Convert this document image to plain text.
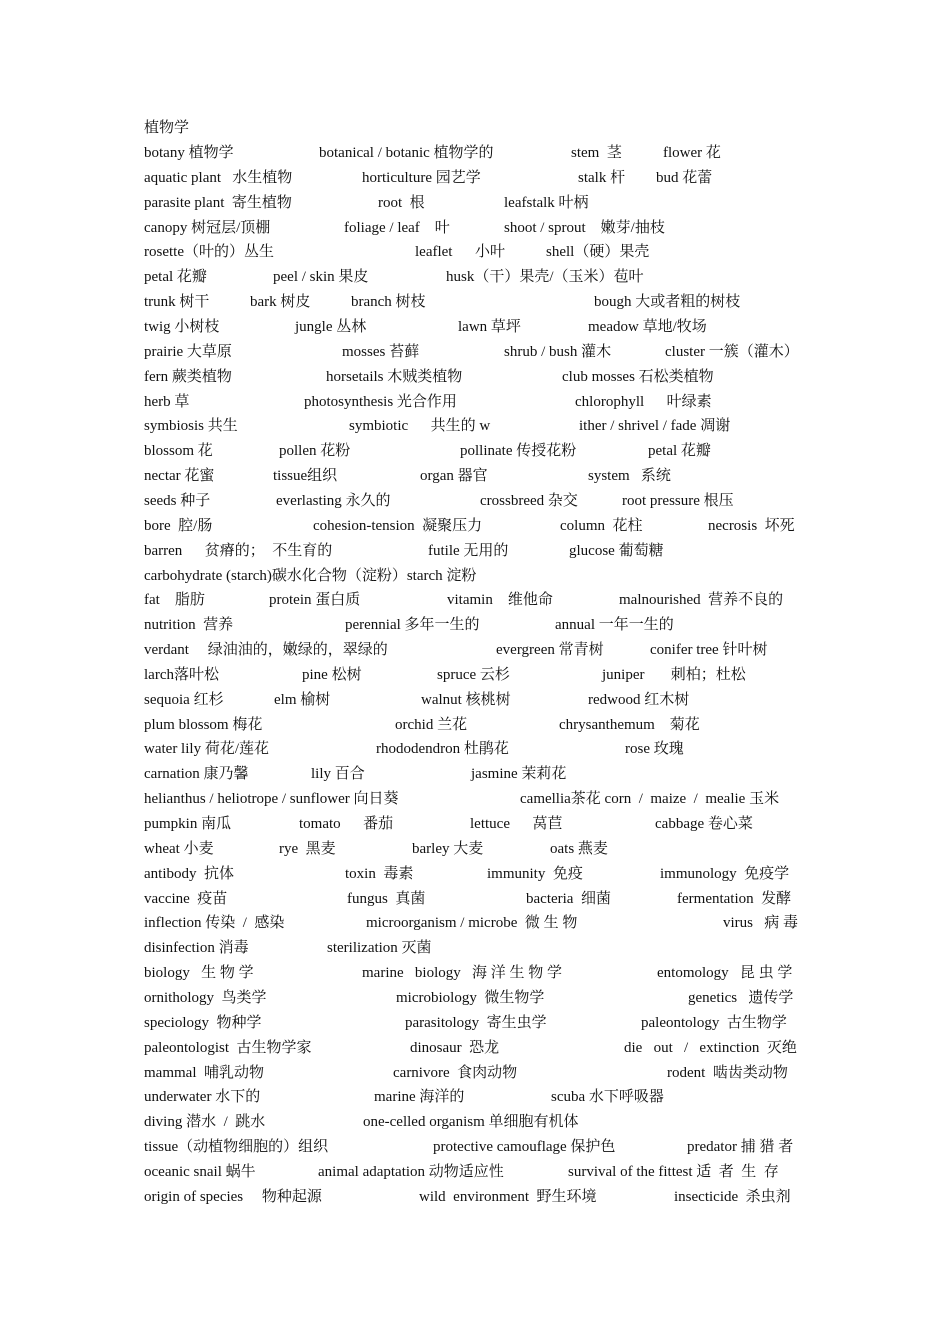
植物学
botany 植物学	botanical / botanic 植物学的	stem  茎	flower 花
aquatic plant   水生植物	horticulture 园艺学	stalk 杆 bud 花蕾
parasite plant  寄生植物	root  根	leafstalk 叶柄
canopy 树冠层/顶棚	foliage / leaf    叶	shoot / sprout    嫩芽/抽枝
rosette（叶的）丛生	leaflet      小叶	shell（硬）果壳
petal 花瓣	peel / skin 果皮	husk（干）果壳/（玉米）苞叶
trunk 树干	bark 树皮	branch 树枝	bough 大或者粗的树枝
twig 小树枝	jungle 丛林	lawn 草坪	meadow 草地/牧场
prairie 大草原	mosses 苔藓	shrub / bush 灌木	cluster 一簇（灌木）
fern 蕨类植物	horsetails 木贼类植物	club mosses 石松类植物
herb 草	photosynthesis 光合作用	chlorophyll      叶绿素
symbiosis 共生	symbiotic      共生的 w	ither / shrivel / fade 凋谢
blossom 花	pollen 花粉	pollinate 传授花粉	petal 花瓣
nectar 花蜜	tissue组织	organ 器官	system   系统
seeds 种子	everlasting 永久的	crossbreed 杂交	root pressure 根压
bore  腔/肠	cohesion-tension  凝聚压力	column  花柱	necrosis  坏死
barren      贫瘠的；  不生育的	futile 无用的	glucose 葡萄糖
carbohydrate (starch)碳水化合物（淀粉）starch 淀粉
fat    脂肪	protein 蛋白质	vitamin    维他命	malnourished  营养不良的
nutrition  营养	perennial 多年一生的	annual 一年一生的
verdant     绿油油的，嫩绿的，翠绿的	evergreen 常青树	conifer tree 针叶树
larch落叶松	pine 松树	spruce 云杉	juniper       刺柏；杜松
sequoia 红杉	elm 榆树	walnut 核桃树	redwood 红木树
plum blossom 梅花	orchid 兰花	chrysanthemum    菊花
water lily 荷花/莲花	rhododendron 杜鹃花	rose 玫瑰
carnation 康乃馨	lily 百合	jasmine 茉莉花
helianthus / heliotrope / sunflower 向日葵	camellia茶花 corn  /  maize  /  mealie 玉米
pumpkin 南瓜	tomato      番茄	lettuce      莴苣	cabbage 卷心菜
wheat 小麦	rye  黑麦	barley 大麦	oats 燕麦
antibody  抗体	toxin  毒素	immunity  免疫	immunology  免疫学
vaccine  疫苗	fungus  真菌	bacteria  细菌	fermentation  发酵
inflection 传染  /  感染	microorganism / microbe  微 生 物	virus   病 毒
disinfection 消毒	sterilization 灭菌
biology   生 物 学	marine   biology   海 洋 生 物 学	entomology   昆 虫 学
ornithology  鸟类学	microbiology  微生物学	genetics   遗传学
speciology  物种学	parasitology  寄生虫学	paleontology  古生物学
paleontologist  古生物学家	dinosaur  恐龙	die   out   /   extinction  灭绝
mammal  哺乳动物	carnivore  食肉动物	rodent  啮齿类动物
underwater 水下的	marine 海洋的	scuba 水下呼吸器
diving 潜水  /  跳水	one-celled organism 单细胞有机体
tissue（动植物细胞的）组织	protective camouflage 保护色	predator 捕 猎 者
oceanic snail 蜗牛	animal adaptation 动物适应性	survival of the fittest 适  者  生  存
origin of species     物种起源	wild  environment  野生环境	insecticide  杀虫剂
